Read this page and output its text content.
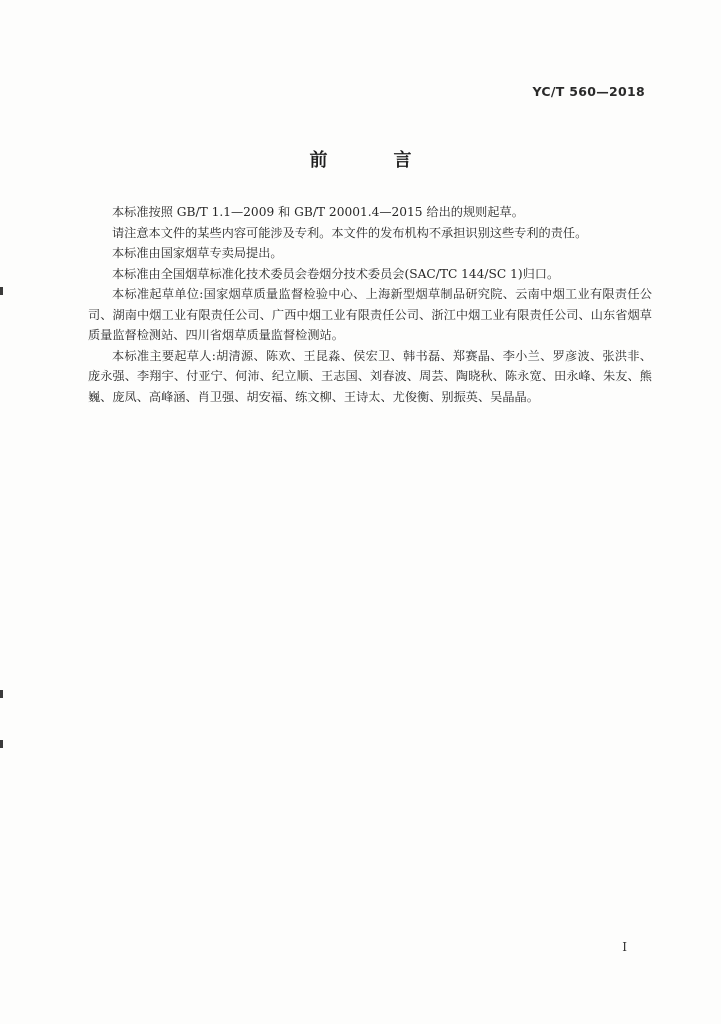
YC/T 560—2018
前　言

本标准按照 GB/T 1.1—2009 和 GB/T 20001.4—2015 给出的规则起草。

请注意本文件的某些内容可能涉及专利。本文件的发布机构不承担识别这些专利的责任。

本标准由国家烟草专卖局提出。

本标准由全国烟草标准化技术委员会卷烟分技术委员会(SAC/TC 144/SC 1)归口。

本标准起草单位:国家烟草质量监督检验中心、上海新型烟草制品研究院、云南中烟工业有限责任公司、湖南中烟工业有限责任公司、广西中烟工业有限责任公司、浙江中烟工业有限责任公司、山东省烟草质量监督检测站、四川省烟草质量监督检测站。

本标准主要起草人:胡清源、陈欢、王昆淼、侯宏卫、韩书磊、郑赛晶、李小兰、罗彦波、张洪非、庞永强、李翔宇、付亚宁、何沛、纪立顺、王志国、刘春波、周芸、陶晓秋、陈永宽、田永峰、朱友、熊巍、庞凤、高峰涵、肖卫强、胡安福、练文柳、王诗太、尤俊衡、别振英、吴晶晶。

I
